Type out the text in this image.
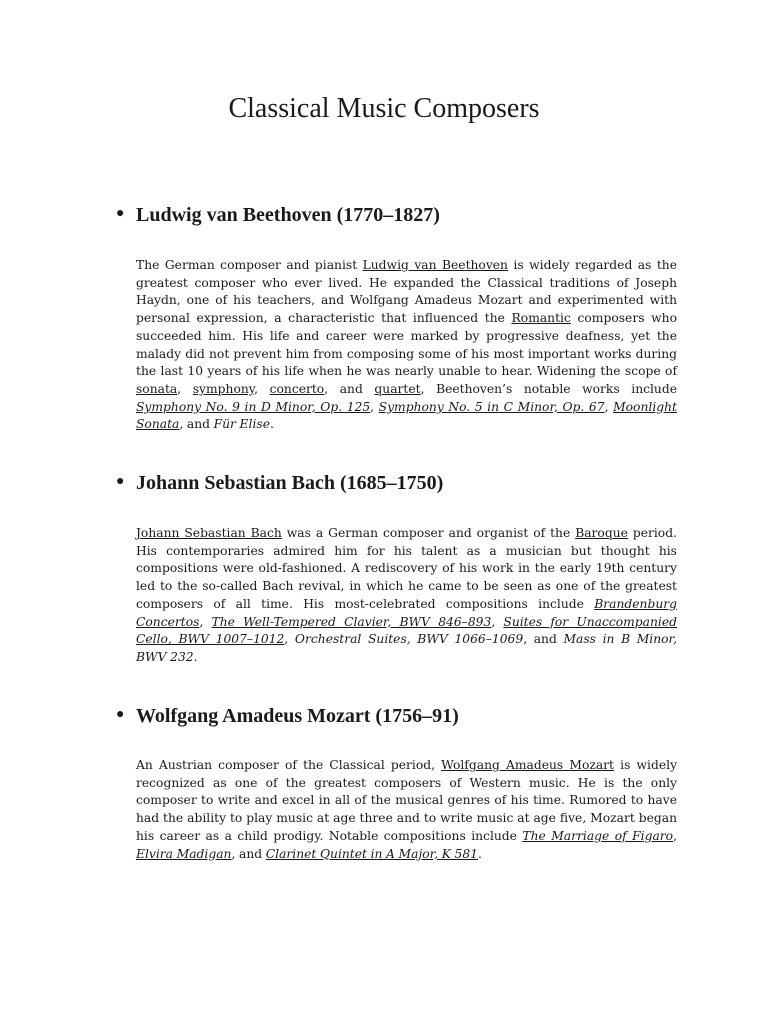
Classical Music Composers
● Ludwig van Beethoven (1770–1827)

The German composer and pianist Ludwig van Beethoven is widely regarded as the greatest composer who ever lived. He expanded the Classical traditions of Joseph Haydn, one of his teachers, and Wolfgang Amadeus Mozart and experimented with personal expression, a characteristic that influenced the Romantic composers who succeeded him. His life and career were marked by progressive deafness, yet the malady did not prevent him from composing some of his most important works during the last 10 years of his life when he was nearly unable to hear. Widening the scope of sonata, symphony, concerto, and quartet, Beethoven’s notable works include Symphony No. 9 in D Minor, Op. 125, Symphony No. 5 in C Minor, Op. 67, Moonlight Sonata, and Für Elise.

● Johann Sebastian Bach (1685–1750)

Johann Sebastian Bach was a German composer and organist of the Baroque period. His contemporaries admired him for his talent as a musician but thought his compositions were old-fashioned. A rediscovery of his work in the early 19th century led to the so-called Bach revival, in which he came to be seen as one of the greatest composers of all time. His most-celebrated compositions include Brandenburg Concertos, The Well-Tempered Clavier, BWV 846–893, Suites for Unaccompanied Cello, BWV 1007–1012, Orchestral Suites, BWV 1066–1069, and Mass in B Minor, BWV 232.

● Wolfgang Amadeus Mozart (1756–91)

An Austrian composer of the Classical period, Wolfgang Amadeus Mozart is widely recognized as one of the greatest composers of Western music. He is the only composer to write and excel in all of the musical genres of his time. Rumored to have had the ability to play music at age three and to write music at age five, Mozart began his career as a child prodigy. Notable compositions include The Marriage of Figaro, Elvira Madigan, and Clarinet Quintet in A Major, K 581.
